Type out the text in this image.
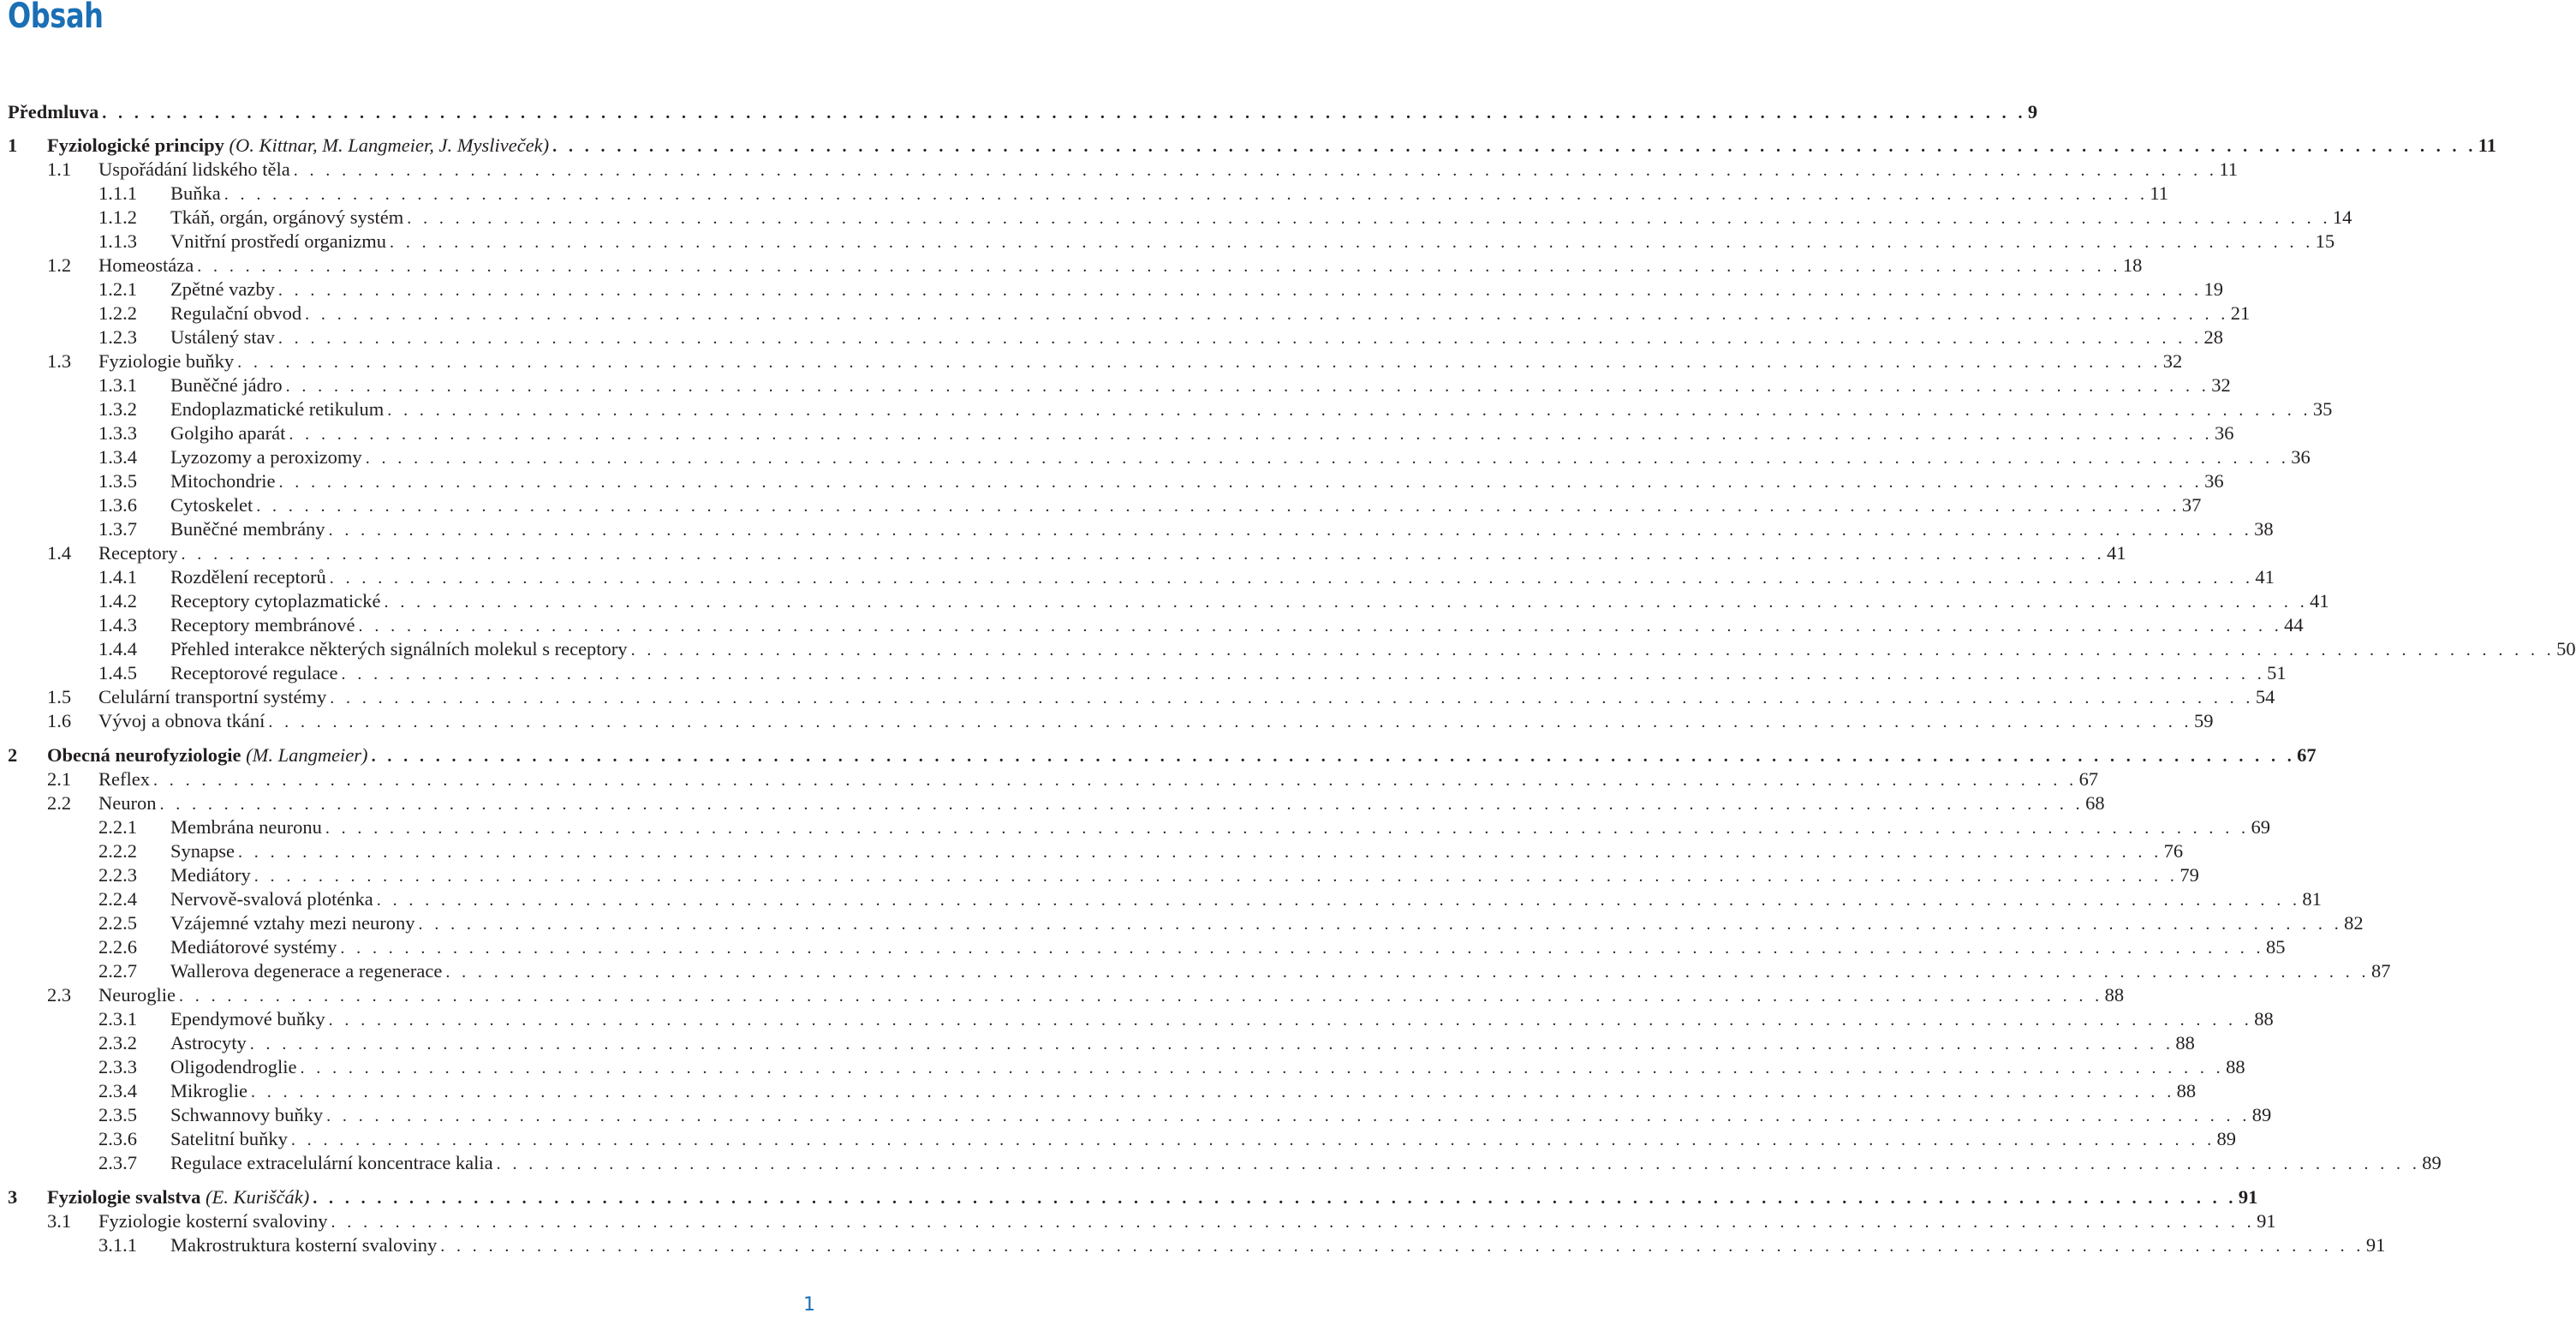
Obsah
Předmluva . . . . . . . . . . . . . . . . . . . . . . . . . . . . . . . . . . . . . . . . . . . . . . . . . . . . . . . . . . . . . . . . . . . . . . . . . . . . . . . . . . . . . . . . . . . . . . . . . . . . . . . . . . . . . . . . . . . . . . . . 9
1 Fyziologické principy (O. Kittnar, M. Langmeier, J. Mysliveček) . . . . . . . . . . . . . . . . . . . . . . . . . . . . . . . . . . . . . . . . . . . . . . . . . . . . . . . . . . . . . . . . . . . . . . . . . . . . . . . . . . . . . . . . . . . . . . . . . . . . . . . . . . . . . . . . . . . . . . . . 11
1.1 Uspořádání lidského těla . . . . . . . . . . . . . . . . . . . . . . . . . . . . . . . . . . . . . . . . . . . . . . . . . . . . . . . . . . . . . . . . . . . . . . . . . . . . . . . . . . . . . . . . . . . . . . . . . . . . . . . . . . . . . . . . . . . . . . . . 11
1.1.1 Buňka . . . . . . . . . . . . . . . . . . . . . . . . . . . . . . . . . . . . . . . . . . . . . . . . . . . . . . . . . . . . . . . . . . . . . . . . . . . . . . . . . . . . . . . . . . . . . . . . . . . . . . . . . . . . . . . . . . . . . . . . 11
1.1.2 Tkáň, orgán, orgánový systém . . . . . . . . . . . . . . . . . . . . . . . . . . . . . . . . . . . . . . . . . . . . . . . . . . . . . . . . . . . . . . . . . . . . . . . . . . . . . . . . . . . . . . . . . . . . . . . . . . . . . . . . . . . . . . . . . . . . . . . . 14
1.1.3 Vnitřní prostředí organizmu . . . . . . . . . . . . . . . . . . . . . . . . . . . . . . . . . . . . . . . . . . . . . . . . . . . . . . . . . . . . . . . . . . . . . . . . . . . . . . . . . . . . . . . . . . . . . . . . . . . . . . . . . . . . . . . . . . . . . . . . 15
1.2 Homeostáza . . . . . . . . . . . . . . . . . . . . . . . . . . . . . . . . . . . . . . . . . . . . . . . . . . . . . . . . . . . . . . . . . . . . . . . . . . . . . . . . . . . . . . . . . . . . . . . . . . . . . . . . . . . . . . . . . . . . . . . . 18
1.2.1 Zpětné vazby . . . . . . . . . . . . . . . . . . . . . . . . . . . . . . . . . . . . . . . . . . . . . . . . . . . . . . . . . . . . . . . . . . . . . . . . . . . . . . . . . . . . . . . . . . . . . . . . . . . . . . . . . . . . . . . . . . . . . . . . 19
1.2.2 Regulační obvod . . . . . . . . . . . . . . . . . . . . . . . . . . . . . . . . . . . . . . . . . . . . . . . . . . . . . . . . . . . . . . . . . . . . . . . . . . . . . . . . . . . . . . . . . . . . . . . . . . . . . . . . . . . . . . . . . . . . . . . . 21
1.2.3 Ustálený stav . . . . . . . . . . . . . . . . . . . . . . . . . . . . . . . . . . . . . . . . . . . . . . . . . . . . . . . . . . . . . . . . . . . . . . . . . . . . . . . . . . . . . . . . . . . . . . . . . . . . . . . . . . . . . . . . . . . . . . . . 28
1.3 Fyziologie buňky . . . . . . . . . . . . . . . . . . . . . . . . . . . . . . . . . . . . . . . . . . . . . . . . . . . . . . . . . . . . . . . . . . . . . . . . . . . . . . . . . . . . . . . . . . . . . . . . . . . . . . . . . . . . . . . . . . . . . . . . 32
1.3.1 Buněčné jádro . . . . . . . . . . . . . . . . . . . . . . . . . . . . . . . . . . . . . . . . . . . . . . . . . . . . . . . . . . . . . . . . . . . . . . . . . . . . . . . . . . . . . . . . . . . . . . . . . . . . . . . . . . . . . . . . . . . . . . . . 32
1.3.2 Endoplazmatické retikulum . . . . . . . . . . . . . . . . . . . . . . . . . . . . . . . . . . . . . . . . . . . . . . . . . . . . . . . . . . . . . . . . . . . . . . . . . . . . . . . . . . . . . . . . . . . . . . . . . . . . . . . . . . . . . . . . . . . . . . . . 35
1.3.3 Golgiho aparát . . . . . . . . . . . . . . . . . . . . . . . . . . . . . . . . . . . . . . . . . . . . . . . . . . . . . . . . . . . . . . . . . . . . . . . . . . . . . . . . . . . . . . . . . . . . . . . . . . . . . . . . . . . . . . . . . . . . . . . . 36
1.3.4 Lyzozomy a peroxizomy . . . . . . . . . . . . . . . . . . . . . . . . . . . . . . . . . . . . . . . . . . . . . . . . . . . . . . . . . . . . . . . . . . . . . . . . . . . . . . . . . . . . . . . . . . . . . . . . . . . . . . . . . . . . . . . . . . . . . . . . 36
1.3.5 Mitochondrie . . . . . . . . . . . . . . . . . . . . . . . . . . . . . . . . . . . . . . . . . . . . . . . . . . . . . . . . . . . . . . . . . . . . . . . . . . . . . . . . . . . . . . . . . . . . . . . . . . . . . . . . . . . . . . . . . . . . . . . . 36
1.3.6 Cytoskelet . . . . . . . . . . . . . . . . . . . . . . . . . . . . . . . . . . . . . . . . . . . . . . . . . . . . . . . . . . . . . . . . . . . . . . . . . . . . . . . . . . . . . . . . . . . . . . . . . . . . . . . . . . . . . . . . . . . . . . . . 37
1.3.7 Buněčné membrány . . . . . . . . . . . . . . . . . . . . . . . . . . . . . . . . . . . . . . . . . . . . . . . . . . . . . . . . . . . . . . . . . . . . . . . . . . . . . . . . . . . . . . . . . . . . . . . . . . . . . . . . . . . . . . . . . . . . . . . . 38
1.4 Receptory . . . . . . . . . . . . . . . . . . . . . . . . . . . . . . . . . . . . . . . . . . . . . . . . . . . . . . . . . . . . . . . . . . . . . . . . . . . . . . . . . . . . . . . . . . . . . . . . . . . . . . . . . . . . . . . . . . . . . . . . 41
1.4.1 Rozdělení receptorů . . . . . . . . . . . . . . . . . . . . . . . . . . . . . . . . . . . . . . . . . . . . . . . . . . . . . . . . . . . . . . . . . . . . . . . . . . . . . . . . . . . . . . . . . . . . . . . . . . . . . . . . . . . . . . . . . . . . . . . . 41
1.4.2 Receptory cytoplazmatické . . . . . . . . . . . . . . . . . . . . . . . . . . . . . . . . . . . . . . . . . . . . . . . . . . . . . . . . . . . . . . . . . . . . . . . . . . . . . . . . . . . . . . . . . . . . . . . . . . . . . . . . . . . . . . . . . . . . . . . . 41
1.4.3 Receptory membránové . . . . . . . . . . . . . . . . . . . . . . . . . . . . . . . . . . . . . . . . . . . . . . . . . . . . . . . . . . . . . . . . . . . . . . . . . . . . . . . . . . . . . . . . . . . . . . . . . . . . . . . . . . . . . . . . . . . . . . . . 44
1.4.4 Přehled interakce některých signálních molekul s receptory . . . . . . . . . . . . . . . . . . . . . . . . . . . . . . . . . . . . . . . . . . . . . . . . . . . . . . . . . . . . . . . . . . . . . . . . . . . . . . . . . . . . . . . . . . . . . . . . . . . . . . . . . . . . . . . . . . . . . . . . 50
1.4.5 Receptorové regulace . . . . . . . . . . . . . . . . . . . . . . . . . . . . . . . . . . . . . . . . . . . . . . . . . . . . . . . . . . . . . . . . . . . . . . . . . . . . . . . . . . . . . . . . . . . . . . . . . . . . . . . . . . . . . . . . . . . . . . . . 51
1.5 Celulární transportní systémy . . . . . . . . . . . . . . . . . . . . . . . . . . . . . . . . . . . . . . . . . . . . . . . . . . . . . . . . . . . . . . . . . . . . . . . . . . . . . . . . . . . . . . . . . . . . . . . . . . . . . . . . . . . . . . . . . . . . . . . . 54
1.6 Vývoj a obnova tkání . . . . . . . . . . . . . . . . . . . . . . . . . . . . . . . . . . . . . . . . . . . . . . . . . . . . . . . . . . . . . . . . . . . . . . . . . . . . . . . . . . . . . . . . . . . . . . . . . . . . . . . . . . . . . . . . . . . . . . . . 59
2 Obecná neurofyziologie (M. Langmeier) . . . . . . . . . . . . . . . . . . . . . . . . . . . . . . . . . . . . . . . . . . . . . . . . . . . . . . . . . . . . . . . . . . . . . . . . . . . . . . . . . . . . . . . . . . . . . . . . . . . . . . . . . . . . . . . . . . . . . . . . 67
2.1 Reflex . . . . . . . . . . . . . . . . . . . . . . . . . . . . . . . . . . . . . . . . . . . . . . . . . . . . . . . . . . . . . . . . . . . . . . . . . . . . . . . . . . . . . . . . . . . . . . . . . . . . . . . . . . . . . . . . . . . . . . . . 67
2.2 Neuron . . . . . . . . . . . . . . . . . . . . . . . . . . . . . . . . . . . . . . . . . . . . . . . . . . . . . . . . . . . . . . . . . . . . . . . . . . . . . . . . . . . . . . . . . . . . . . . . . . . . . . . . . . . . . . . . . . . . . . . . 68
2.2.1 Membrána neuronu . . . . . . . . . . . . . . . . . . . . . . . . . . . . . . . . . . . . . . . . . . . . . . . . . . . . . . . . . . . . . . . . . . . . . . . . . . . . . . . . . . . . . . . . . . . . . . . . . . . . . . . . . . . . . . . . . . . . . . . . 69
2.2.2 Synapse . . . . . . . . . . . . . . . . . . . . . . . . . . . . . . . . . . . . . . . . . . . . . . . . . . . . . . . . . . . . . . . . . . . . . . . . . . . . . . . . . . . . . . . . . . . . . . . . . . . . . . . . . . . . . . . . . . . . . . . . 76
2.2.3 Mediátory . . . . . . . . . . . . . . . . . . . . . . . . . . . . . . . . . . . . . . . . . . . . . . . . . . . . . . . . . . . . . . . . . . . . . . . . . . . . . . . . . . . . . . . . . . . . . . . . . . . . . . . . . . . . . . . . . . . . . . . . 79
2.2.4 Nervově-svalová ploténka . . . . . . . . . . . . . . . . . . . . . . . . . . . . . . . . . . . . . . . . . . . . . . . . . . . . . . . . . . . . . . . . . . . . . . . . . . . . . . . . . . . . . . . . . . . . . . . . . . . . . . . . . . . . . . . . . . . . . . . . 81
2.2.5 Vzájemné vztahy mezi neurony . . . . . . . . . . . . . . . . . . . . . . . . . . . . . . . . . . . . . . . . . . . . . . . . . . . . . . . . . . . . . . . . . . . . . . . . . . . . . . . . . . . . . . . . . . . . . . . . . . . . . . . . . . . . . . . . . . . . . . . . 82
2.2.6 Mediátorové systémy . . . . . . . . . . . . . . . . . . . . . . . . . . . . . . . . . . . . . . . . . . . . . . . . . . . . . . . . . . . . . . . . . . . . . . . . . . . . . . . . . . . . . . . . . . . . . . . . . . . . . . . . . . . . . . . . . . . . . . . . 85
2.2.7 Wallerova degenerace a regenerace . . . . . . . . . . . . . . . . . . . . . . . . . . . . . . . . . . . . . . . . . . . . . . . . . . . . . . . . . . . . . . . . . . . . . . . . . . . . . . . . . . . . . . . . . . . . . . . . . . . . . . . . . . . . . . . . . . . . . . . . 87
2.3 Neuroglie . . . . . . . . . . . . . . . . . . . . . . . . . . . . . . . . . . . . . . . . . . . . . . . . . . . . . . . . . . . . . . . . . . . . . . . . . . . . . . . . . . . . . . . . . . . . . . . . . . . . . . . . . . . . . . . . . . . . . . . . 88
2.3.1 Ependymové buňky . . . . . . . . . . . . . . . . . . . . . . . . . . . . . . . . . . . . . . . . . . . . . . . . . . . . . . . . . . . . . . . . . . . . . . . . . . . . . . . . . . . . . . . . . . . . . . . . . . . . . . . . . . . . . . . . . . . . . . . . 88
2.3.2 Astrocyty . . . . . . . . . . . . . . . . . . . . . . . . . . . . . . . . . . . . . . . . . . . . . . . . . . . . . . . . . . . . . . . . . . . . . . . . . . . . . . . . . . . . . . . . . . . . . . . . . . . . . . . . . . . . . . . . . . . . . . . . 88
2.3.3 Oligodendroglie . . . . . . . . . . . . . . . . . . . . . . . . . . . . . . . . . . . . . . . . . . . . . . . . . . . . . . . . . . . . . . . . . . . . . . . . . . . . . . . . . . . . . . . . . . . . . . . . . . . . . . . . . . . . . . . . . . . . . . . . 88
2.3.4 Mikroglie . . . . . . . . . . . . . . . . . . . . . . . . . . . . . . . . . . . . . . . . . . . . . . . . . . . . . . . . . . . . . . . . . . . . . . . . . . . . . . . . . . . . . . . . . . . . . . . . . . . . . . . . . . . . . . . . . . . . . . . . 88
2.3.5 Schwannovy buňky . . . . . . . . . . . . . . . . . . . . . . . . . . . . . . . . . . . . . . . . . . . . . . . . . . . . . . . . . . . . . . . . . . . . . . . . . . . . . . . . . . . . . . . . . . . . . . . . . . . . . . . . . . . . . . . . . . . . . . . . 89
2.3.6 Satelitní buňky . . . . . . . . . . . . . . . . . . . . . . . . . . . . . . . . . . . . . . . . . . . . . . . . . . . . . . . . . . . . . . . . . . . . . . . . . . . . . . . . . . . . . . . . . . . . . . . . . . . . . . . . . . . . . . . . . . . . . . . . 89
2.3.7 Regulace extracelulární koncentrace kalia . . . . . . . . . . . . . . . . . . . . . . . . . . . . . . . . . . . . . . . . . . . . . . . . . . . . . . . . . . . . . . . . . . . . . . . . . . . . . . . . . . . . . . . . . . . . . . . . . . . . . . . . . . . . . . . . . . . . . . . . 89
3 Fyziologie svalstva (E. Kuriščák) . . . . . . . . . . . . . . . . . . . . . . . . . . . . . . . . . . . . . . . . . . . . . . . . . . . . . . . . . . . . . . . . . . . . . . . . . . . . . . . . . . . . . . . . . . . . . . . . . . . . . . . . . . . . . . . . . . . . . . . . 91
3.1 Fyziologie kosterní svaloviny . . . . . . . . . . . . . . . . . . . . . . . . . . . . . . . . . . . . . . . . . . . . . . . . . . . . . . . . . . . . . . . . . . . . . . . . . . . . . . . . . . . . . . . . . . . . . . . . . . . . . . . . . . . . . . . . . . . . . . . . 91
3.1.1 Makrostruktura kosterní svaloviny . . . . . . . . . . . . . . . . . . . . . . . . . . . . . . . . . . . . . . . . . . . . . . . . . . . . . . . . . . . . . . . . . . . . . . . . . . . . . . . . . . . . . . . . . . . . . . . . . . . . . . . . . . . . . . . . . . . . . . . . 91
1
